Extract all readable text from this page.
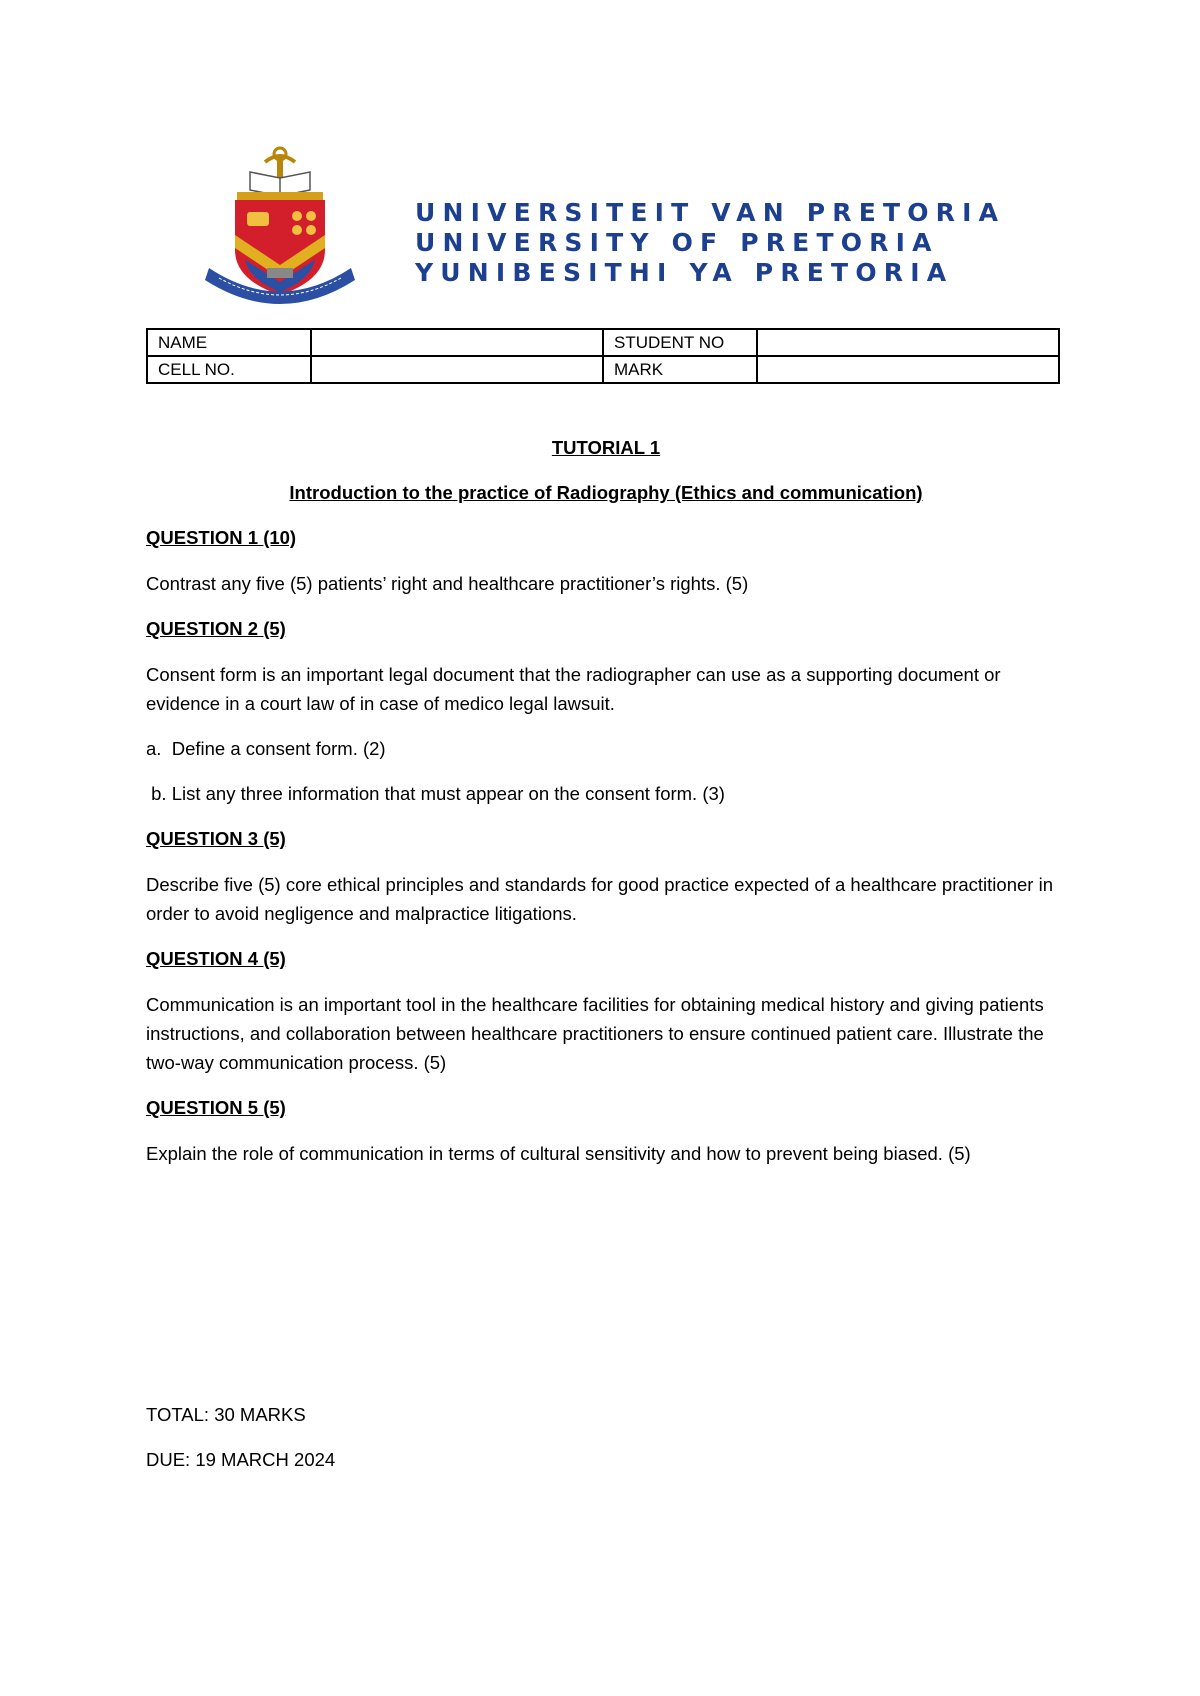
UNIVERSITEIT VAN PRETORIA
UNIVERSITY OF PRETORIA
YUNIBESITHI YA PRETORIA
NAME		STUDENT NO	
CELL NO.		MARK	

TUTORIAL 1

Introduction to the practice of Radiography (Ethics and communication)

QUESTION 1 (10)

Contrast any five (5) patients’ right and healthcare practitioner’s rights. (5)

QUESTION 2 (5)

Consent form is an important legal document that the radiographer can use as a supporting document or evidence in a court law of in case of medico legal lawsuit.

a.  Define a consent form. (2)

b. List any three information that must appear on the consent form. (3)

QUESTION 3 (5)

Describe five (5) core ethical principles and standards for good practice expected of a healthcare practitioner in order to avoid negligence and malpractice litigations.

QUESTION 4 (5)

Communication is an important tool in the healthcare facilities for obtaining medical history and giving patients instructions, and collaboration between healthcare practitioners to ensure continued patient care. Illustrate the two-way communication process. (5)

QUESTION 5 (5)

Explain the role of communication in terms of cultural sensitivity and how to prevent being biased. (5)

TOTAL: 30 MARKS

DUE: 19 MARCH 2024
